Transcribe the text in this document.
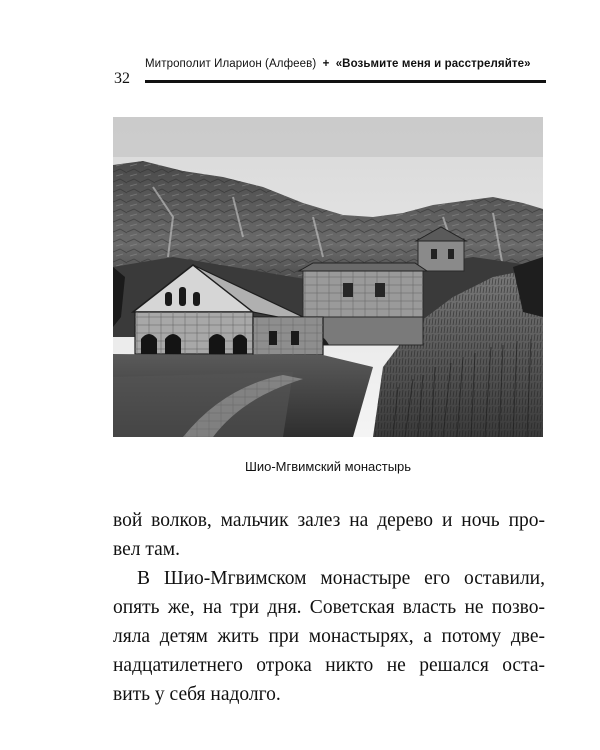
32
Митрополит Иларион (Алфеев) + «Возьмите меня и расстреляйте»
Шио-Мгвимский монастырь
вой волков, мальчик залез на дерево и ночь про-
вел там.
В Шио-Мгвимском монастыре его оставили,
опять же, на три дня. Советская власть не позво-
ляла детям жить при монастырях, а потому две-
надцатилетнего отрока никто не решался оста-
вить у себя надолго.
